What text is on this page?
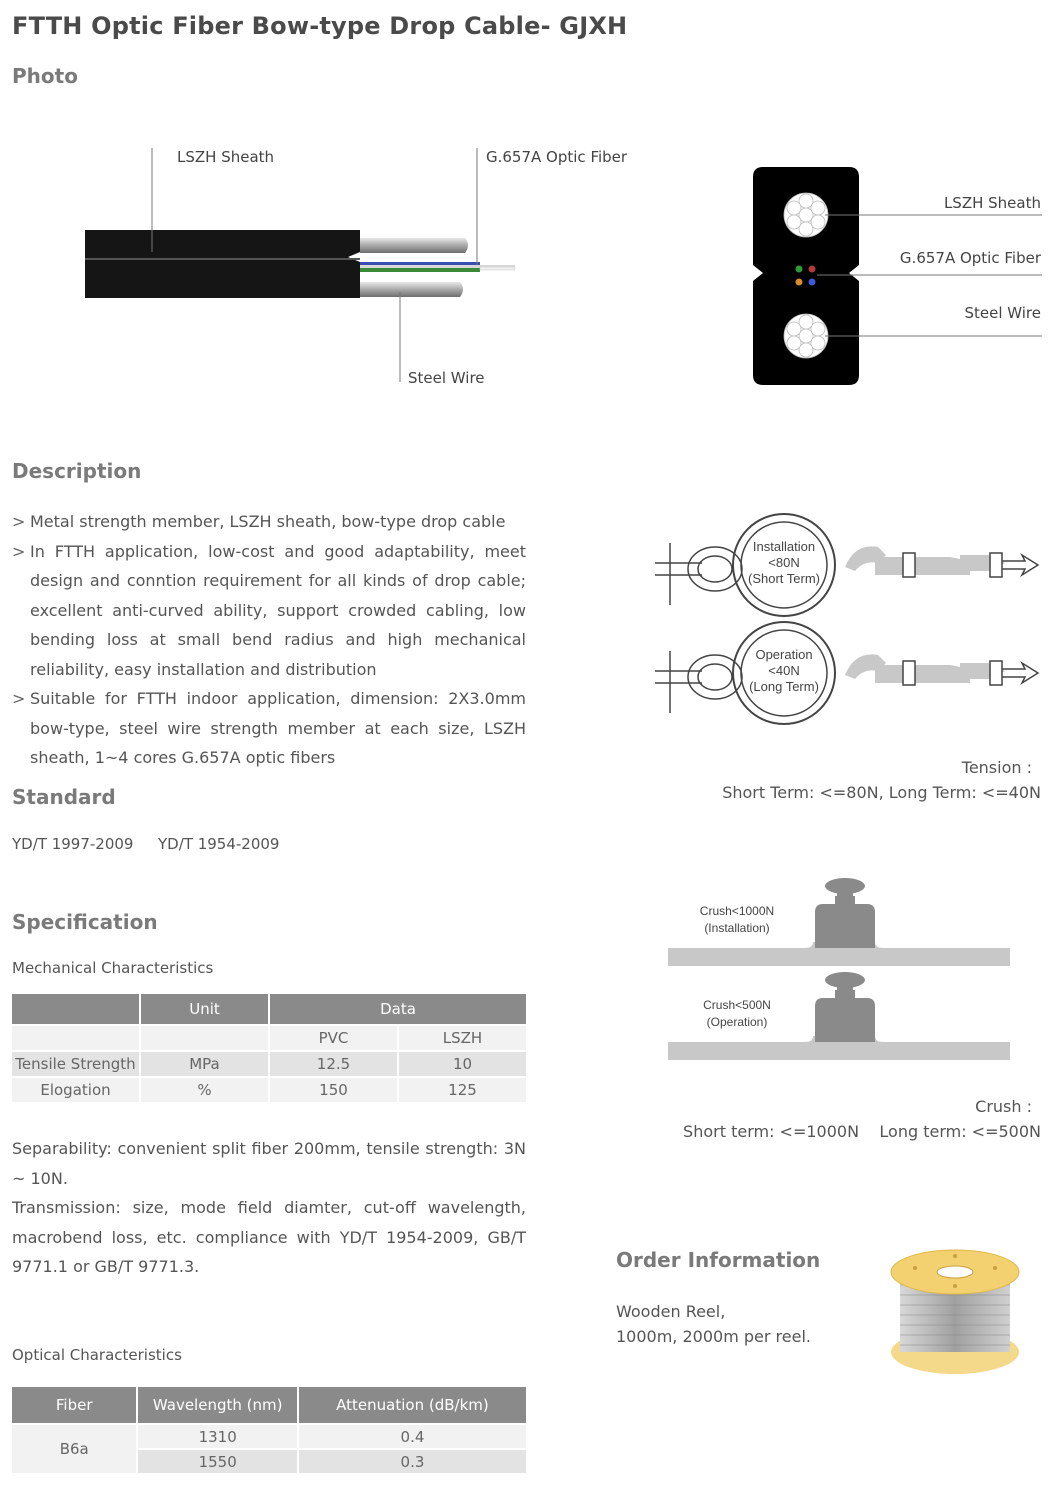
FTTH Optic Fiber Bow-type Drop Cable- GJXH
Photo
LSZH Sheath	G.657A Optic Fiber
Steel Wire
LSZH Sheath
G.657A Optic Fiber
Steel Wire
Description
> Metal strength member, LSZH sheath, bow-type drop cable
> In FTTH application, low-cost and good adaptability, meet design and conntion requirement for all kinds of drop cable; excellent anti-curved ability, support crowded cabling, low bending loss at small bend radius and high mechanical reliability, easy installation and distribution
> Suitable for FTTH indoor application, dimension: 2X3.0mm bow-type, steel wire strength member at each size, LSZH sheath, 1~4 cores G.657A optic fibers
Installation
<80N
(Short Term)
Operation
<40N
(Long Term)
Tension :
Short Term: <=80N, Long Term: <=40N
Standard
YD/T 1997-2009 YD/T 1954-2009
Crush<1000N
(Installation)
Crush<500N
(Operation)
Crush :
Short term: <=1000N    Long term: <=500N
Specification
Mechanical Characteristics
	Unit	Data	
		PVC	LSZH
Tensile Strength	MPa	12.5	10
Elogation	%	150	125
Separability: convenient split fiber 200mm, tensile strength: 3N ~ 10N.
Transmission: size, mode field diamter, cut-off wavelength, macrobend loss, etc. compliance with YD/T 1954-2009, GB/T 9771.1 or GB/T 9771.3.
Optical Characteristics
Fiber	Wavelength (nm)	Attenuation (dB/km)
B6a	1310	0.4
	1550	0.3
Order Information
Wooden Reel,
1000m, 2000m per reel.
